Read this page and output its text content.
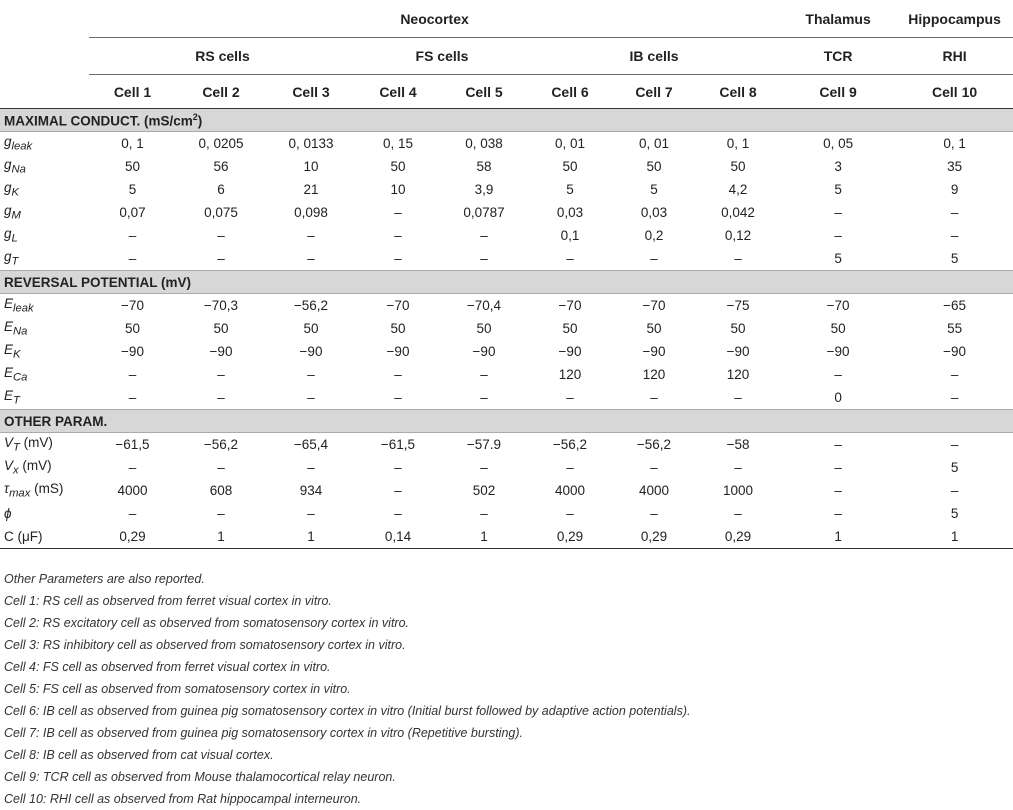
	Neocortex								Thalamus	Hippocampus
	RS cells			FS cells		IB cells			TCR	RHI
	Cell 1	Cell 2	Cell 3	Cell 4	Cell 5	Cell 6	Cell 7	Cell 8	Cell 9	Cell 10
MAXIMAL CONDUCT. $(mS/cm^2)$										
$g_{leak}$	0, 1	0, 0205	0, 0133	0, 15	0, 038	0, 01	0, 01	0, 1	0, 05	0, 1
$g_{Na}$	50	56	10	50	58	50	50	50	3	35
$g_K$	5	6	21	10	3,9	5	5	4,2	5	9
$g_M$	0,07	0,075	0,098	–	0,0787	0,03	0,03	0,042	–	–
$g_L$	–	–	–	–	–	0,1	0,2	0,12	–	–
$g_T$	–	–	–	–	–	–	–	–	5	5
REVERSAL POTENTIAL (mV)										
$E_{leak}$	−70	−70,3	−56,2	−70	−70,4	−70	−70	−75	−70	−65
$E_{Na}$	50	50	50	50	50	50	50	50	50	55
$E_K$	−90	−90	−90	−90	−90	−90	−90	−90	−90	−90
$E_{Ca}$	–	–	–	–	–	120	120	120	–	–
$E_T$	–	–	–	–	–	–	–	–	0	–
OTHER PARAM.										
$V_T$ (mV)	−61,5	−56,2	−65,4	−61,5	−57.9	−56,2	−56,2	−58	–	–
$V_x$ (mV)	–	–	–	–	–	–	–	–	–	5
$\tau_{max}$ (mS)	4000	608	934	–	502	4000	4000	1000	–	–
ϕ	–	–	–	–	–	–	–	–	–	5
C (μF)	0,29	1	1	0,14	1	0,29	0,29	0,29	1	1
Other Parameters are also reported.
Cell 1: RS cell as observed from ferret visual cortex in vitro.
Cell 2: RS excitatory cell as observed from somatosensory cortex in vitro.
Cell 3: RS inhibitory cell as observed from somatosensory cortex in vitro.
Cell 4: FS cell as observed from ferret visual cortex in vitro.
Cell 5: FS cell as observed from somatosensory cortex in vitro.
Cell 6: IB cell as observed from guinea pig somatosensory cortex in vitro (Initial burst followed by adaptive action potentials).
Cell 7: IB cell as observed from guinea pig somatosensory cortex in vitro (Repetitive bursting).
Cell 8: IB cell as observed from cat visual cortex.
Cell 9: TCR cell as observed from Mouse thalamocortical relay neuron.
Cell 10: RHI cell as observed from Rat hippocampal interneuron.
